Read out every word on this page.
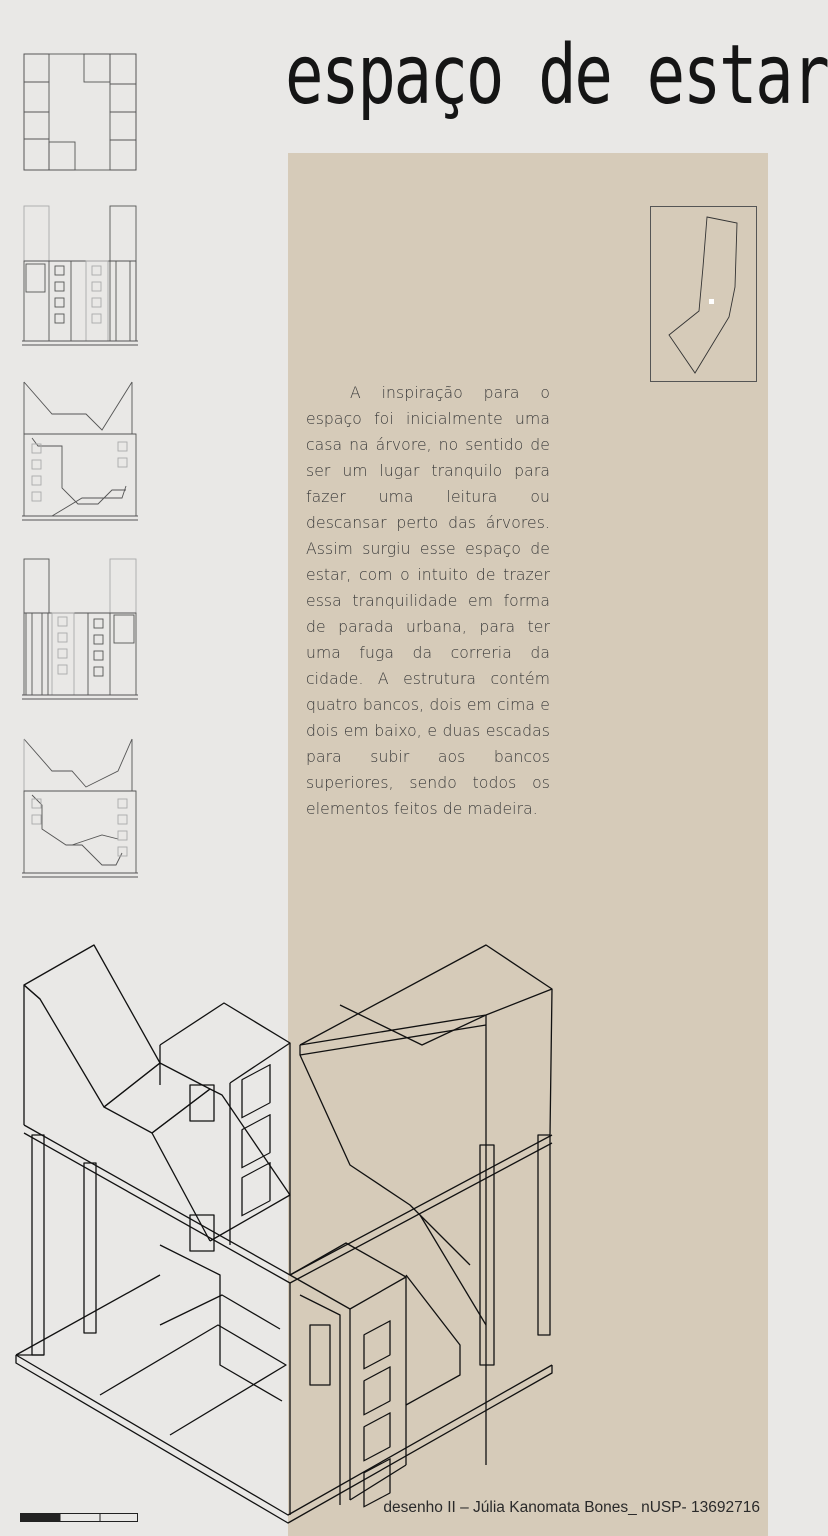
espaço de estar

A inspiração para o espaço foi inicialmente uma casa na árvore, no sentido de ser um lugar tranquilo para fazer uma leitura ou descansar perto das árvores. Assim surgiu esse espaço de estar, com o intuito de trazer essa tranquilidade em forma de parada urbana, para ter uma fuga da correria da cidade. A estrutura contém quatro bancos, dois em cima e dois em baixo, e duas escadas para subir aos bancos superiores, sendo todos os elementos feitos de madeira.

desenho II – Júlia Kanomata Bones_ nUSP- 13692716
